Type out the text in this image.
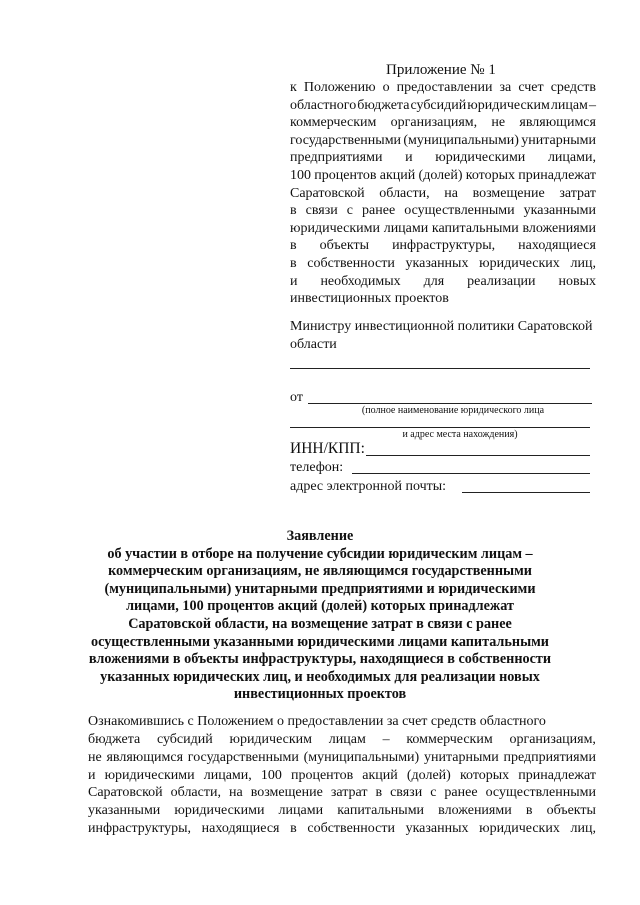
Приложение № 1
к Положению о предоставлении за счет средств
областного бюджета субсидий юридическим лицам –
коммерческим организациям, не являющимся
государственными (муниципальными) унитарными
предприятиями и юридическими лицами,
100 процентов акций (долей) которых принадлежат
Саратовской области, на возмещение затрат
в связи с ранее осуществленными указанными
юридическими лицами капитальными вложениями
в объекты инфраструктуры, находящиеся
в собственности указанных юридических лиц,
и необходимых для реализации новых
инвестиционных проектов
Министру инвестиционной политики Саратовской
области
от
(полное наименование юридического лица
и адрес места нахождения)
ИНН/КПП:
телефон:
адрес электронной почты:
Заявление
об участии в отборе на получение субсидии юридическим лицам –
коммерческим организациям, не являющимся государственными
(муниципальными) унитарными предприятиями и юридическими
лицами, 100 процентов акций (долей) которых принадлежат
Саратовской области, на возмещение затрат в связи с ранее
осуществленными указанными юридическими лицами капитальными
вложениями в объекты инфраструктуры, находящиеся в собственности
указанных юридических лиц, и необходимых для реализации новых
инвестиционных проектов
Ознакомившись с Положением о предоставлении за счет средств областного
бюджета субсидий юридическим лицам – коммерческим организациям,
не являющимся государственными (муниципальными) унитарными предприятиями
и юридическими лицами, 100 процентов акций (долей) которых принадлежат
Саратовской области, на возмещение затрат в связи с ранее осуществленными
указанными юридическими лицами капитальными вложениями в объекты
инфраструктуры, находящиеся в собственности указанных юридических лиц,
